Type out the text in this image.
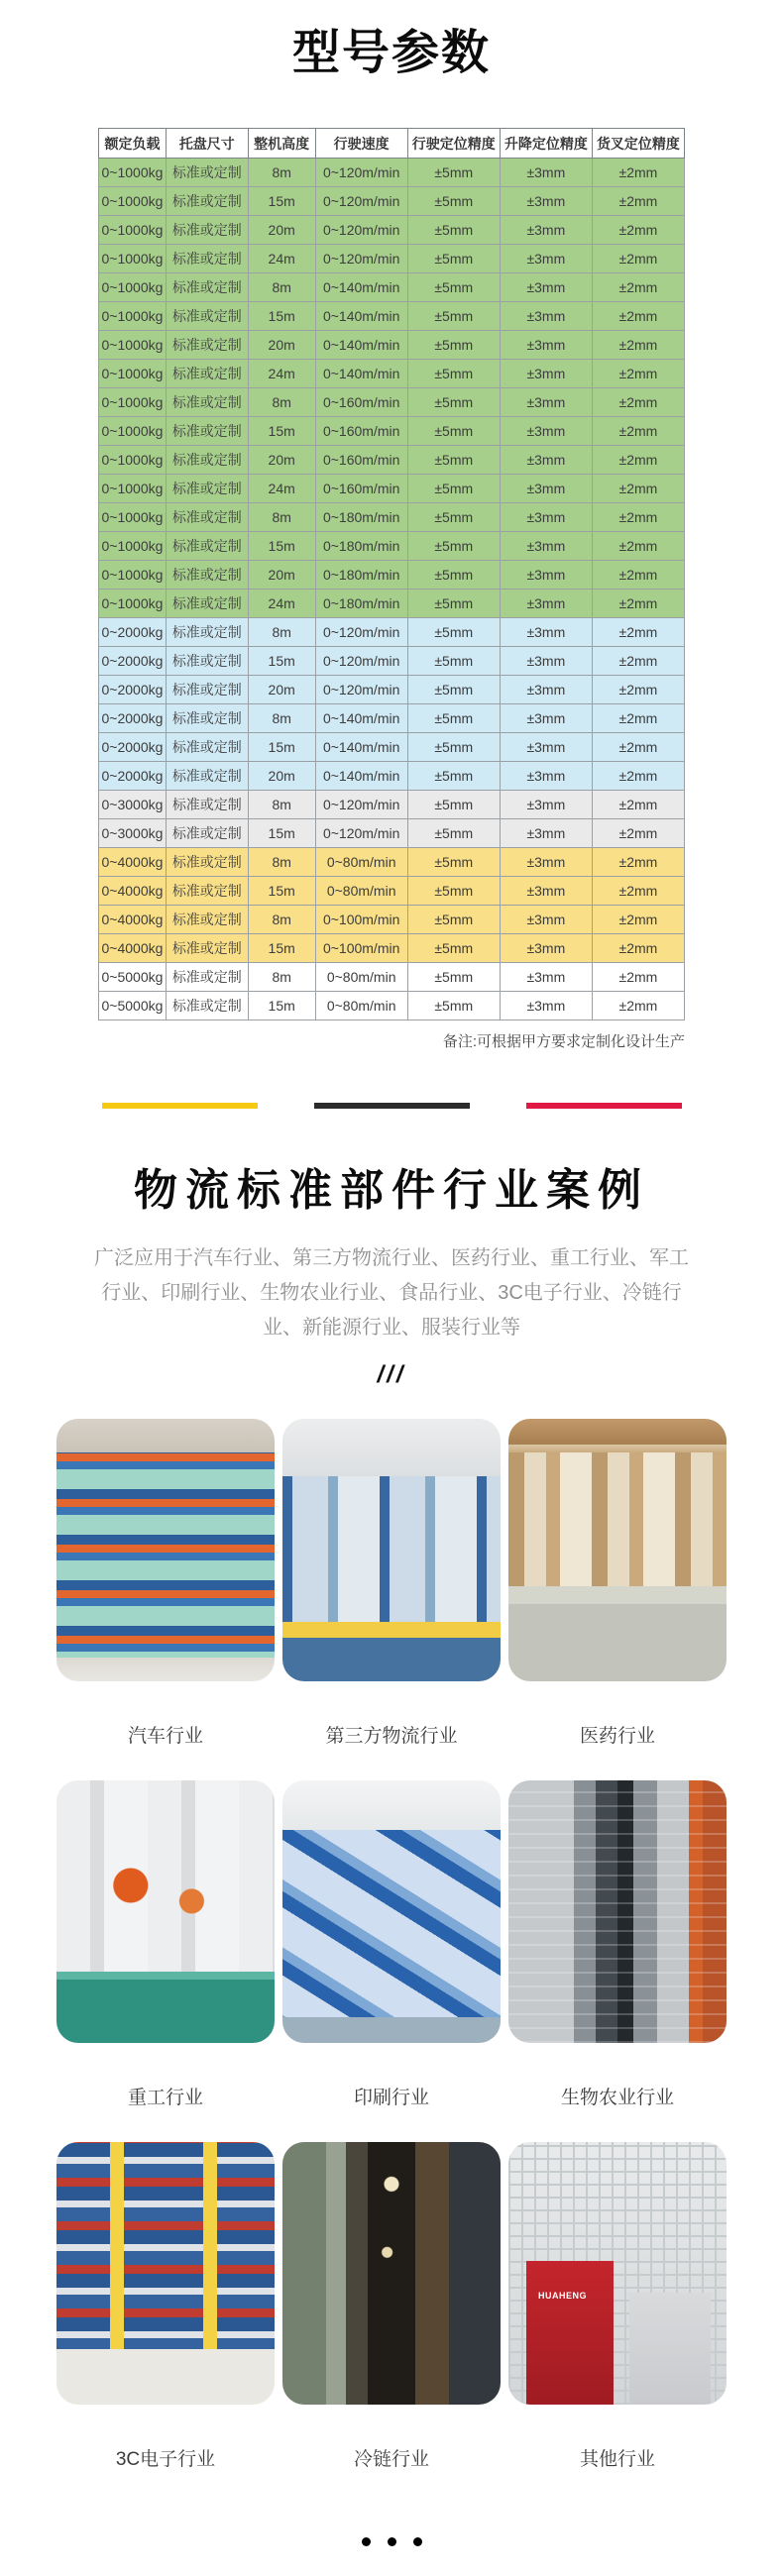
型号参数
额定负载	托盘尺寸	整机高度	行驶速度	行驶定位精度	升降定位精度	货叉定位精度
0~1000kg	标准或定制	8m	0~120m/min	±5mm	±3mm	±2mm
0~1000kg	标准或定制	15m	0~120m/min	±5mm	±3mm	±2mm
0~1000kg	标准或定制	20m	0~120m/min	±5mm	±3mm	±2mm
0~1000kg	标准或定制	24m	0~120m/min	±5mm	±3mm	±2mm
0~1000kg	标准或定制	8m	0~140m/min	±5mm	±3mm	±2mm
0~1000kg	标准或定制	15m	0~140m/min	±5mm	±3mm	±2mm
0~1000kg	标准或定制	20m	0~140m/min	±5mm	±3mm	±2mm
0~1000kg	标准或定制	24m	0~140m/min	±5mm	±3mm	±2mm
0~1000kg	标准或定制	8m	0~160m/min	±5mm	±3mm	±2mm
0~1000kg	标准或定制	15m	0~160m/min	±5mm	±3mm	±2mm
0~1000kg	标准或定制	20m	0~160m/min	±5mm	±3mm	±2mm
0~1000kg	标准或定制	24m	0~160m/min	±5mm	±3mm	±2mm
0~1000kg	标准或定制	8m	0~180m/min	±5mm	±3mm	±2mm
0~1000kg	标准或定制	15m	0~180m/min	±5mm	±3mm	±2mm
0~1000kg	标准或定制	20m	0~180m/min	±5mm	±3mm	±2mm
0~1000kg	标准或定制	24m	0~180m/min	±5mm	±3mm	±2mm
0~2000kg	标准或定制	8m	0~120m/min	±5mm	±3mm	±2mm
0~2000kg	标准或定制	15m	0~120m/min	±5mm	±3mm	±2mm
0~2000kg	标准或定制	20m	0~120m/min	±5mm	±3mm	±2mm
0~2000kg	标准或定制	8m	0~140m/min	±5mm	±3mm	±2mm
0~2000kg	标准或定制	15m	0~140m/min	±5mm	±3mm	±2mm
0~2000kg	标准或定制	20m	0~140m/min	±5mm	±3mm	±2mm
0~3000kg	标准或定制	8m	0~120m/min	±5mm	±3mm	±2mm
0~3000kg	标准或定制	15m	0~120m/min	±5mm	±3mm	±2mm
0~4000kg	标准或定制	8m	0~80m/min	±5mm	±3mm	±2mm
0~4000kg	标准或定制	15m	0~80m/min	±5mm	±3mm	±2mm
0~4000kg	标准或定制	8m	0~100m/min	±5mm	±3mm	±2mm
0~4000kg	标准或定制	15m	0~100m/min	±5mm	±3mm	±2mm
0~5000kg	标准或定制	8m	0~80m/min	±5mm	±3mm	±2mm
0~5000kg	标准或定制	15m	0~80m/min	±5mm	±3mm	±2mm
备注:可根据甲方要求定制化设计生产
物流标准部件行业案例

广泛应用于汽车行业、第三方物流行业、医药行业、重工行业、军工行业、印刷行业、生物农业行业、食品行业、3C电子行业、冷链行业、新能源行业、服装行业等

///
汽车行业	第三方物流行业	医药行业
重工行业	印刷行业	生物农业行业
3C电子行业	冷链行业
HUAHENG
其他行业
